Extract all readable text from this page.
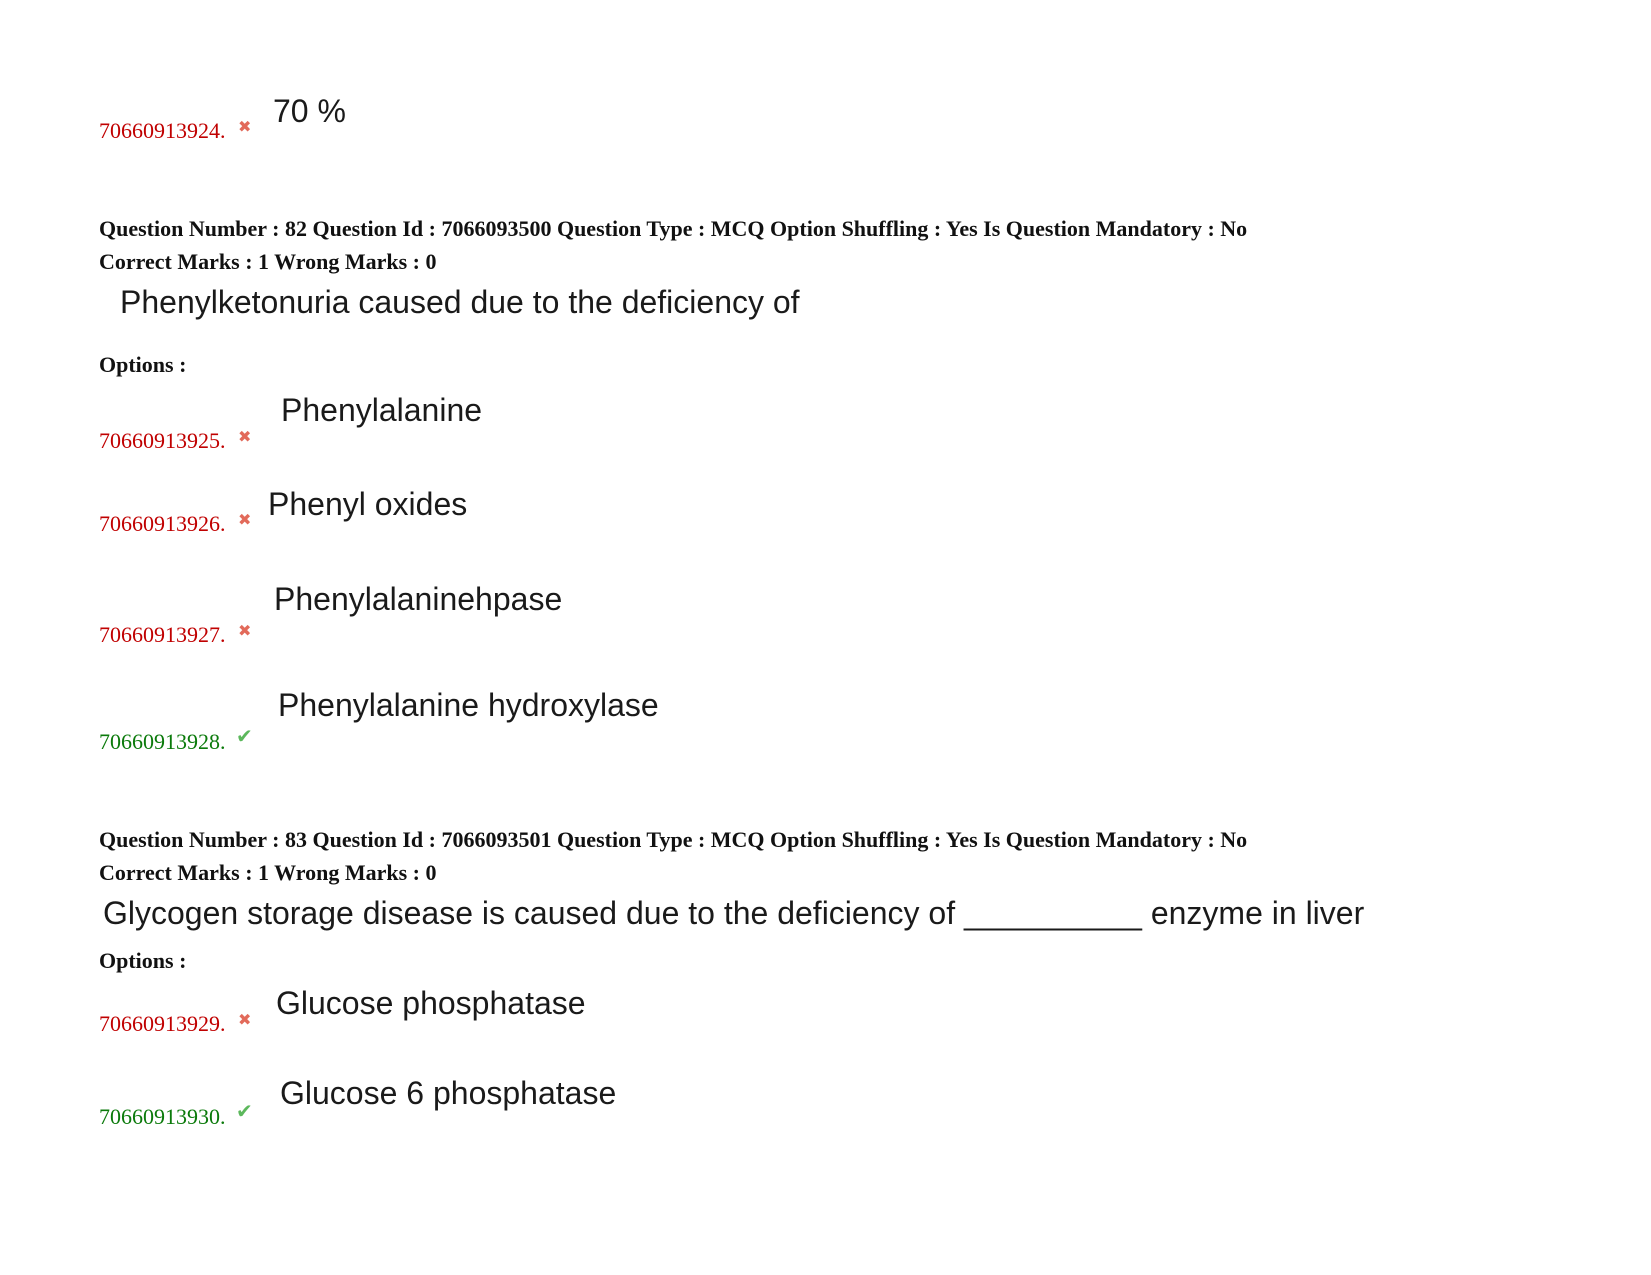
70660913924. ✖ 70 %
Question Number : 82 Question Id : 7066093500 Question Type : MCQ Option Shuffling : Yes Is Question Mandatory : No
Correct Marks : 1 Wrong Marks : 0
Phenylketonuria caused due to the deficiency of
Options :
70660913925. ✖
Phenylalanine
70660913926. ✖ Phenyl oxides
70660913927. ✖
Phenylalaninehpase
70660913928. ✔
Phenylalanine hydroxylase
Question Number : 83 Question Id : 7066093501 Question Type : MCQ Option Shuffling : Yes Is Question Mandatory : No
Correct Marks : 1 Wrong Marks : 0
Glycogen storage disease is caused due to the deficiency of __________ enzyme in liver
Options :
70660913929. ✖ Glucose phosphatase
70660913930. ✔ Glucose 6 phosphatase
